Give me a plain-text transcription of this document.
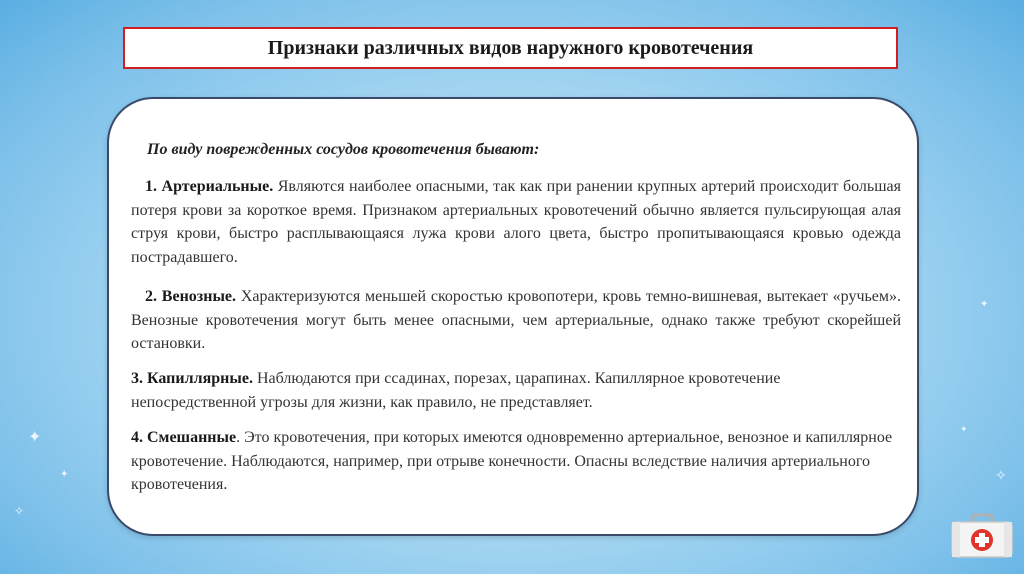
✦
✦
✧
✦
✧
✦
Признаки различных видов наружного кровотечения
По виду поврежденных сосудов кровотечения бывают:
1. Артериальные. Являются наиболее опасными, так как при ранении крупных артерий происходит большая потеря крови за короткое время. Признаком артериальных кровотечений обычно является пульсирующая алая струя крови, быстро расплывающаяся лужа крови алого цвета, быстро пропитывающаяся кровью одежда пострадавшего.
2. Венозные. Характеризуются меньшей скоростью кровопотери, кровь темно-вишневая, вытекает «ручьем». Венозные кровотечения могут быть менее опасными, чем артериальные, однако также требуют скорейшей остановки.
3. Капиллярные. Наблюдаются при ссадинах, порезах, царапинах. Капиллярное кровотечение непосредственной угрозы для жизни, как правило, не представляет.
4. Смешанные. Это кровотечения, при которых имеются одновременно артериальное, венозное и капиллярное кровотечение. Наблюдаются, например, при отрыве конечности. Опасны вследствие наличия артериального кровотечения.
